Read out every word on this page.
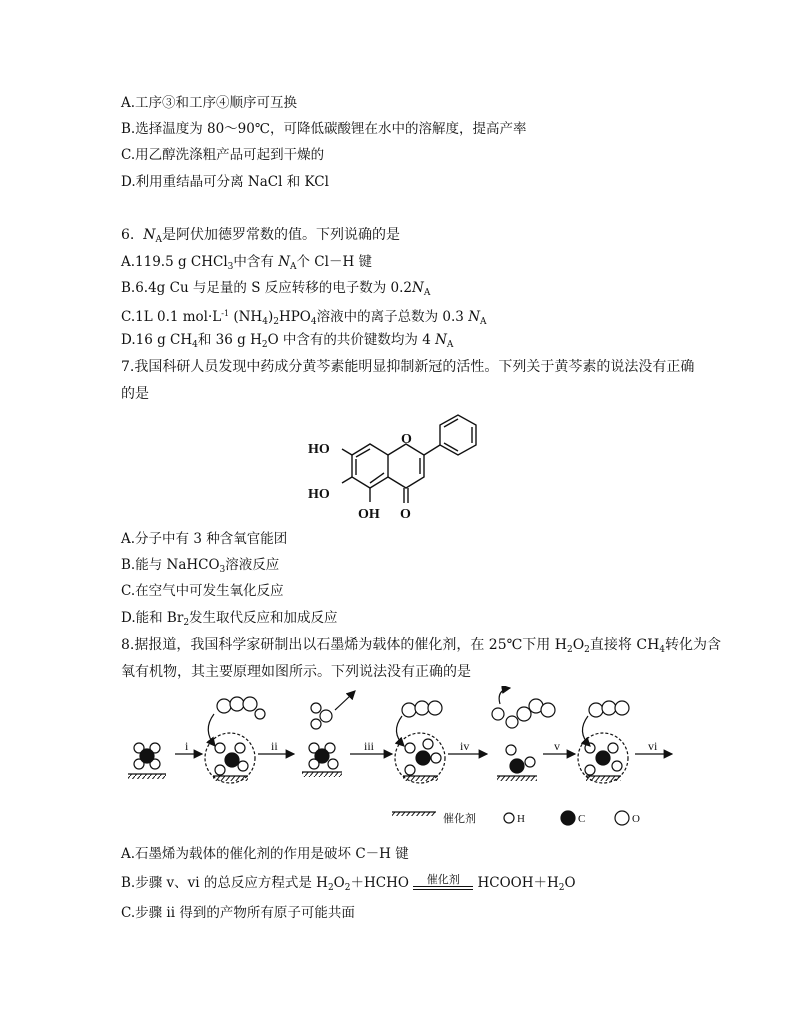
A.工序③和工序④顺序可互换
B.选择温度为 80～90℃，可降低碳酸锂在水中的溶解度，提高产率
C.用乙醇洗涤粗产品可起到干燥的
D.利用重结晶可分离 NaCl 和 KCl
6. $N_A$是阿伏加德罗常数的值。下列说确的是
A.119.5 g CHCl$_3$中含有 $N_A$个 Cl－H 键
B.6.4g Cu 与足量的 S 反应转移的电子数为 $0.2N_A$
C.1L 0.1 $mol\cdot L^{-1}$ $(NH_4)_2HPO_4$溶液中的离子总数为 0.3 $N_A$
D.16 g $CH_4$和 36 g $H_2O$ 中含有的共价键数均为 4 $N_A$
7.我国科研人员发现中药成分黄芩素能明显抑制新冠的活性。下列关于黄芩素的说法没有正确
的是
HO
HO
OH
O
O
A.分子中有 3 种含氧官能团
B.能与 NaHCO$_3$溶液反应
C.在空气中可发生氧化反应
D.能和 $Br_2$发生取代反应和加成反应
8.据报道，我国科学家研制出以石墨烯为载体的催化剂，在 25℃下用 $H_2O_2$直接将 $CH_4$转化为含
氧有机物，其主要原理如图所示。下列说法没有正确的是
i	ii	iii	iv	v	vi
催化剂	H	C	O
A.石墨烯为载体的催化剂的作用是破坏 C－H 键
B.步骤 v、vi 的总反应方程式是 $H_2O_2+HCHO$	催化剂	$HCOOH+H_2O$
C.步骤 ii 得到的产物所有原子可能共面
